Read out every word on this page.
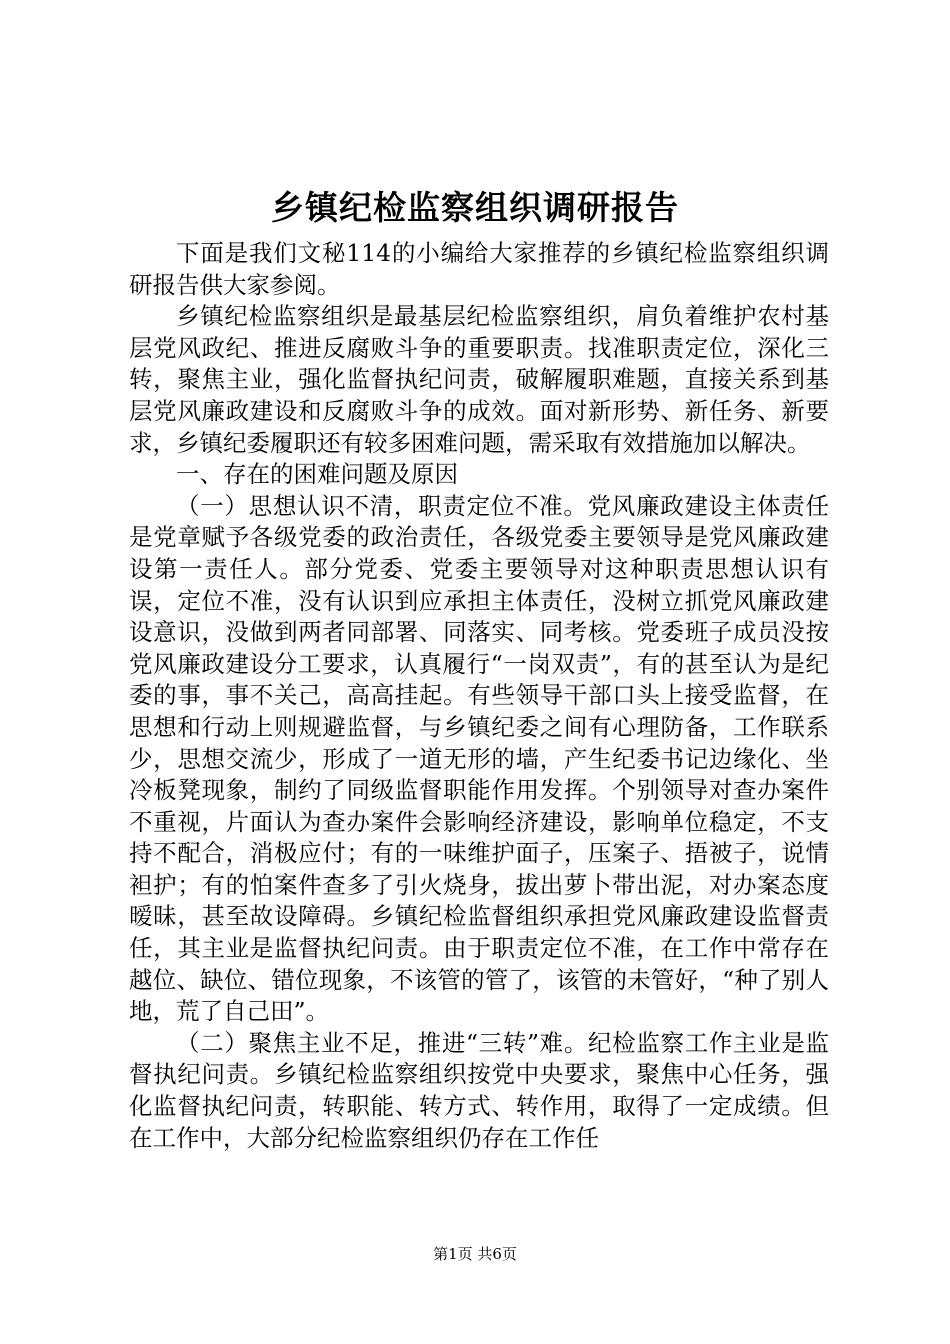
乡镇纪检监察组织调研报告

下面是我们文秘114的小编给大家推荐的乡镇纪检监察组织调研报告供大家参阅。

乡镇纪检监察组织是最基层纪检监察组织，肩负着维护农村基层党风政纪、推进反腐败斗争的重要职责。找准职责定位，深化三转，聚焦主业，强化监督执纪问责，破解履职难题，直接关系到基层党风廉政建设和反腐败斗争的成效。面对新形势、新任务、新要求，乡镇纪委履职还有较多困难问题，需采取有效措施加以解决。

一、存在的困难问题及原因

（一）思想认识不清，职责定位不准。党风廉政建设主体责任是党章赋予各级党委的政治责任，各级党委主要领导是党风廉政建设第一责任人。部分党委、党委主要领导对这种职责思想认识有误，定位不准，没有认识到应承担主体责任，没树立抓党风廉政建设意识，没做到两者同部署、同落实、同考核。党委班子成员没按党风廉政建设分工要求，认真履行“一岗双责”，有的甚至认为是纪委的事，事不关己，高高挂起。有些领导干部口头上接受监督，在思想和行动上则规避监督，与乡镇纪委之间有心理防备，工作联系少，思想交流少，形成了一道无形的墙，产生纪委书记边缘化、坐冷板凳现象，制约了同级监督职能作用发挥。个别领导对查办案件不重视，片面认为查办案件会影响经济建设，影响单位稳定，不支持不配合，消极应付；有的一味维护面子，压案子、捂被子，说情袒护；有的怕案件查多了引火烧身，拔出萝卜带出泥，对办案态度暧昧，甚至故设障碍。乡镇纪检监督组织承担党风廉政建设监督责任，其主业是监督执纪问责。由于职责定位不准，在工作中常存在越位、缺位、错位现象，不该管的管了，该管的未管好，“种了别人地，荒了自己田”。

（二）聚焦主业不足，推进“三转”难。纪检监察工作主业是监督执纪问责。乡镇纪检监察组织按党中央要求，聚焦中心任务，强化监督执纪问责，转职能、转方式、转作用，取得了一定成绩。但在工作中，大部分纪检监察组织仍存在工作任

第1页 共6页
